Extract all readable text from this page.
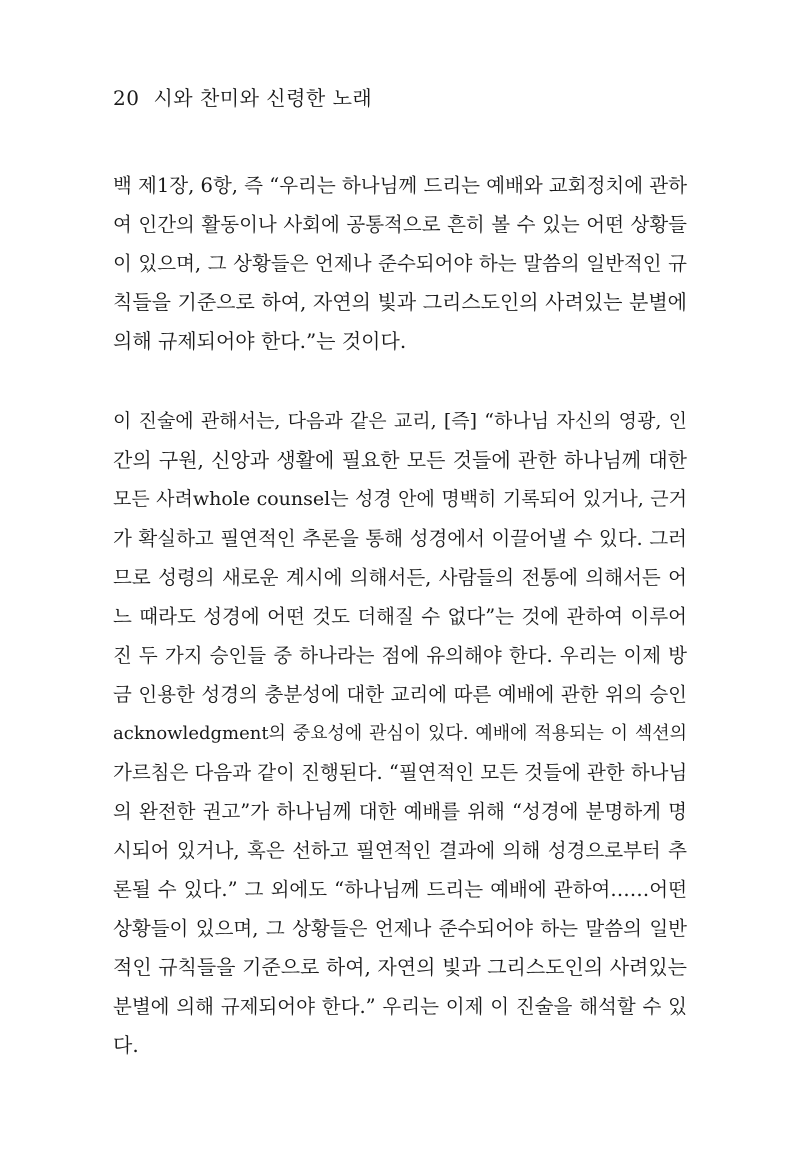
20 시와 찬미와 신령한 노래
백 제1장, 6항, 즉 “우리는 하나님께 드리는 예배와 교회정치에 관하
여 인간의 활동이나 사회에 공통적으로 흔히 볼 수 있는 어떤 상황들
이 있으며, 그 상황들은 언제나 준수되어야 하는 말씀의 일반적인 규
칙들을 기준으로 하여, 자연의 빛과 그리스도인의 사려있는 분별에
의해 규제되어야 한다.”는 것이다.
이 진술에 관해서는, 다음과 같은 교리, [즉] “하나님 자신의 영광, 인
간의 구원, 신앙과 생활에 필요한 모든 것들에 관한 하나님께 대한
모든 사려whole counsel는 성경 안에 명백히 기록되어 있거나, 근거
가 확실하고 필연적인 추론을 통해 성경에서 이끌어낼 수 있다. 그러
므로 성령의 새로운 계시에 의해서든, 사람들의 전통에 의해서든 어
느 때라도 성경에 어떤 것도 더해질 수 없다”는 것에 관하여 이루어
진 두 가지 승인들 중 하나라는 점에 유의해야 한다. 우리는 이제 방
금 인용한 성경의 충분성에 대한 교리에 따른 예배에 관한 위의 승인
acknowledgment의 중요성에 관심이 있다. 예배에 적용되는 이 섹션의
가르침은 다음과 같이 진행된다. “필연적인 모든 것들에 관한 하나님
의 완전한 권고”가 하나님께 대한 예배를 위해 “성경에 분명하게 명
시되어 있거나, 혹은 선하고 필연적인 결과에 의해 성경으로부터 추
론될 수 있다.” 그 외에도 “하나님께 드리는 예배에 관하여……어떤
상황들이 있으며, 그 상황들은 언제나 준수되어야 하는 말씀의 일반
적인 규칙들을 기준으로 하여, 자연의 빛과 그리스도인의 사려있는
분별에 의해 규제되어야 한다.” 우리는 이제 이 진술을 해석할 수 있
다.
